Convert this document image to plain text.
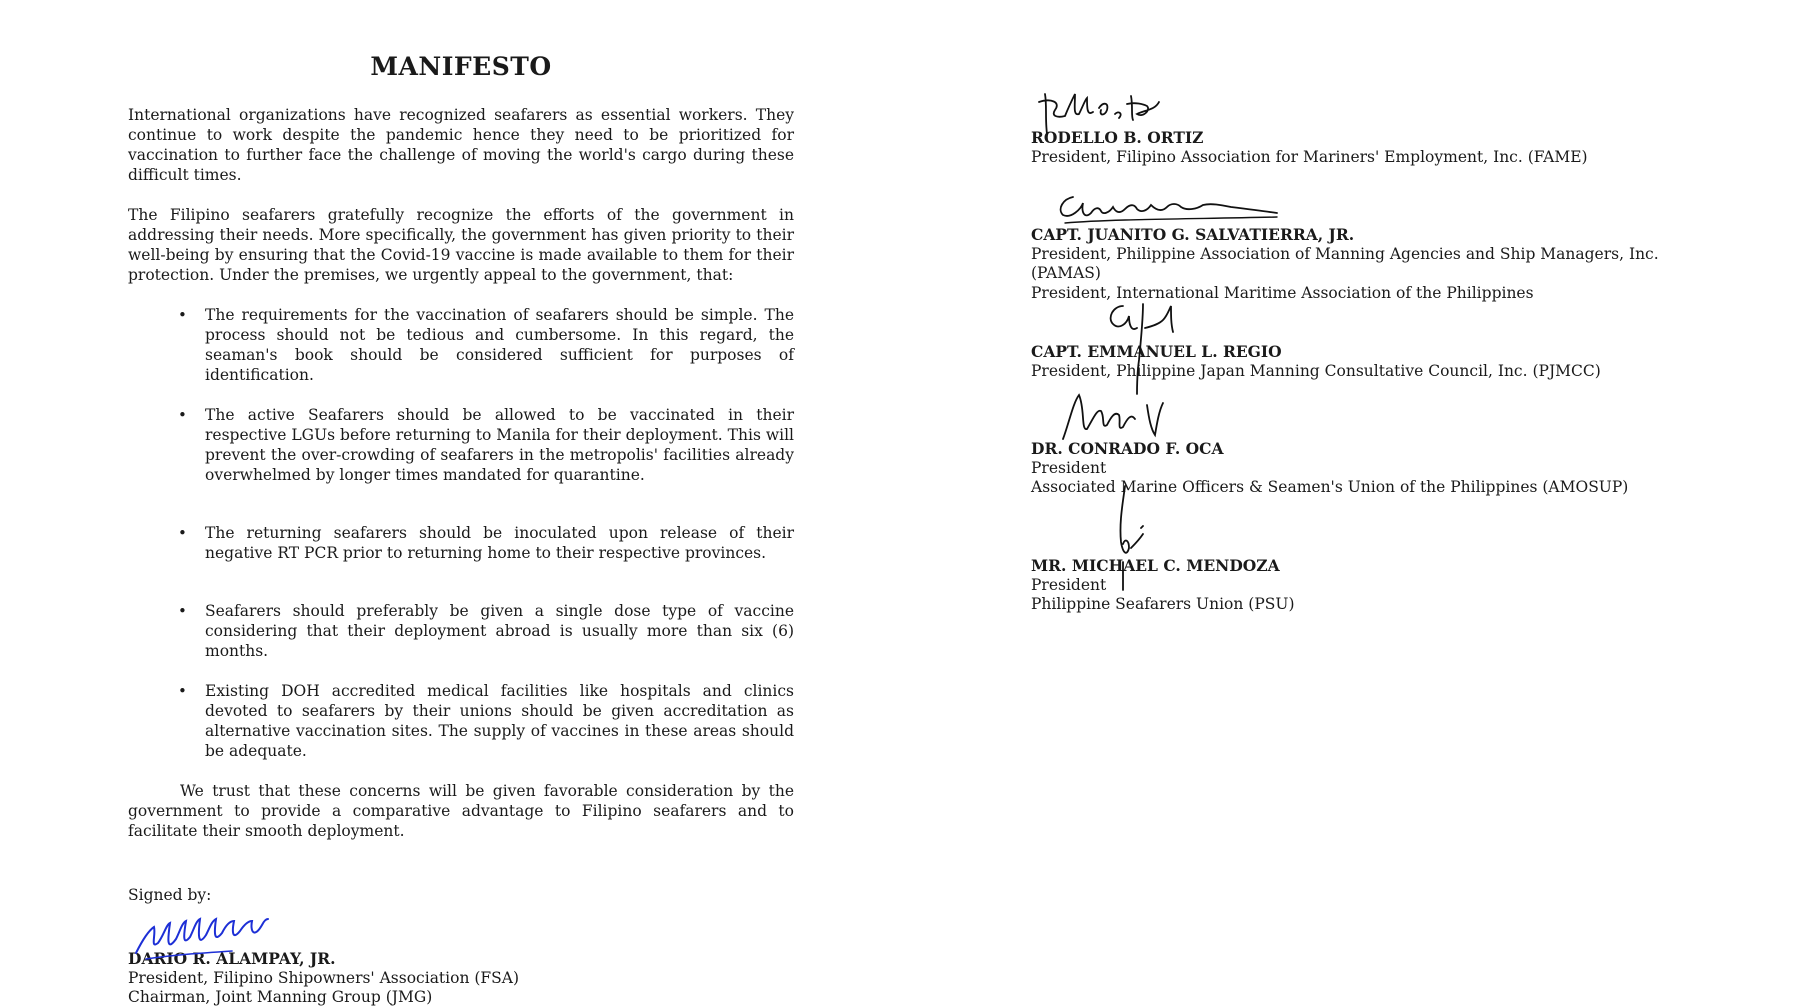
MANIFESTO

International organizations have recognized seafarers as essential workers. They continue to work despite the pandemic hence they need to be prioritized for vaccination to further face the challenge of moving the world's cargo during these difficult times.

The Filipino seafarers gratefully recognize the efforts of the government in addressing their needs. More specifically, the government has given priority to their well-being by ensuring that the Covid-19 vaccine is made available to them for their protection. Under the premises, we urgently appeal to the government, that:

• The requirements for the vaccination of seafarers should be simple. The process should not be tedious and cumbersome. In this regard, the seaman's book should be considered sufficient for purposes of identification.
• The active Seafarers should be allowed to be vaccinated in their respective LGUs before returning to Manila for their deployment. This will prevent the over-crowding of seafarers in the metropolis' facilities already overwhelmed by longer times mandated for quarantine.
• The returning seafarers should be inoculated upon release of their negative RT PCR prior to returning home to their respective provinces.
• Seafarers should preferably be given a single dose type of vaccine considering that their deployment abroad is usually more than six (6) months.
• Existing DOH accredited medical facilities like hospitals and clinics devoted to seafarers by their unions should be given accreditation as alternative vaccination sites. The supply of vaccines in these areas should be adequate.

We trust that these concerns will be given favorable consideration by the government to provide a comparative advantage to Filipino seafarers and to facilitate their smooth deployment.

Signed by:

DARIO R. ALAMPAY, JR.
President, Filipino Shipowners' Association (FSA)
Chairman, Joint Manning Group (JMG)
RODELLO B. ORTIZ
President, Filipino Association for Mariners' Employment, Inc. (FAME)
CAPT. JUANITO G. SALVATIERRA, JR.
President, Philippine Association of Manning Agencies and Ship Managers, Inc. (PAMAS)
President, International Maritime Association of the Philippines
CAPT. EMMANUEL L. REGIO
President, Philippine Japan Manning Consultative Council, Inc. (PJMCC)
DR. CONRADO F. OCA
President
Associated Marine Officers & Seamen's Union of the Philippines (AMOSUP)
MR. MICHAEL C. MENDOZA
President
Philippine Seafarers Union (PSU)
